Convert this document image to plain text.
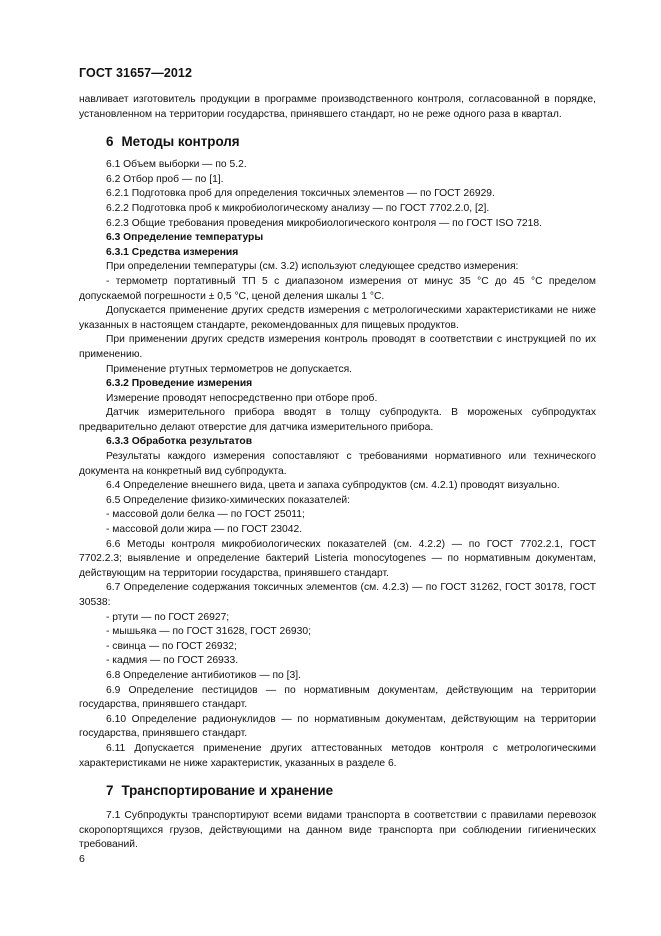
ГОСТ 31657—2012

навливает изготовитель продукции в программе производственного контроля, согласованной в порядке, установленном на территории государства, принявшего стандарт, но не реже одного раза в квартал.

6 Методы контроля

6.1 Объем выборки — по 5.2.

6.2 Отбор проб — по [1].

6.2.1 Подготовка проб для определения токсичных элементов — по ГОСТ 26929.

6.2.2 Подготовка проб к микробиологическому анализу — по ГОСТ 7702.2.0, [2].

6.2.3 Общие требования проведения микробиологического контроля — по ГОСТ ISO 7218.

6.3 Определение температуры

6.3.1 Средства измерения

При определении температуры (см. 3.2) используют следующее средство измерения:

- термометр портативный ТП 5 с диапазоном измерения от минус 35 °С до 45 °С пределом допускаемой погрешности ± 0,5 °С, ценой деления шкалы 1 °С.

Допускается применение других средств измерения с метрологическими характеристиками не ниже указанных в настоящем стандарте, рекомендованных для пищевых продуктов.

При применении других средств измерения контроль проводят в соответствии с инструкцией по их применению.

Применение ртутных термометров не допускается.

6.3.2 Проведение измерения

Измерение проводят непосредственно при отборе проб.

Датчик измерительного прибора вводят в толщу субпродукта. В мороженых субпродуктах предварительно делают отверстие для датчика измерительного прибора.

6.3.3 Обработка результатов

Результаты каждого измерения сопоставляют с требованиями нормативного или технического документа на конкретный вид субпродукта.

6.4 Определение внешнего вида, цвета и запаха субпродуктов (см. 4.2.1) проводят визуально.

6.5 Определение физико-химических показателей:

- массовой доли белка — по ГОСТ 25011;

- массовой доли жира — по ГОСТ 23042.

6.6 Методы контроля микробиологических показателей (см. 4.2.2) — по ГОСТ 7702.2.1, ГОСТ 7702.2.3; выявление и определение бактерий Listeria monocytogenes — по нормативным документам, действующим на территории государства, принявшего стандарт.

6.7 Определение содержания токсичных элементов (см. 4.2.3) — по ГОСТ 31262, ГОСТ 30178, ГОСТ 30538:

- ртути — по ГОСТ 26927;

- мышьяка — по ГОСТ 31628, ГОСТ 26930;

- свинца — по ГОСТ 26932;

- кадмия — по ГОСТ 26933.

6.8 Определение антибиотиков — по [3].

6.9 Определение пестицидов — по нормативным документам, действующим на территории государства, принявшего стандарт.

6.10 Определение радионуклидов — по нормативным документам, действующим на территории государства, принявшего стандарт.

6.11 Допускается применение других аттестованных методов контроля с метрологическими характеристиками не ниже характеристик, указанных в разделе 6.

7 Транспортирование и хранение

7.1 Субпродукты транспортируют всеми видами транспорта в соответствии с правилами перевозок скоропортящихся грузов, действующими на данном виде транспорта при соблюдении гигиенических требований.

6
